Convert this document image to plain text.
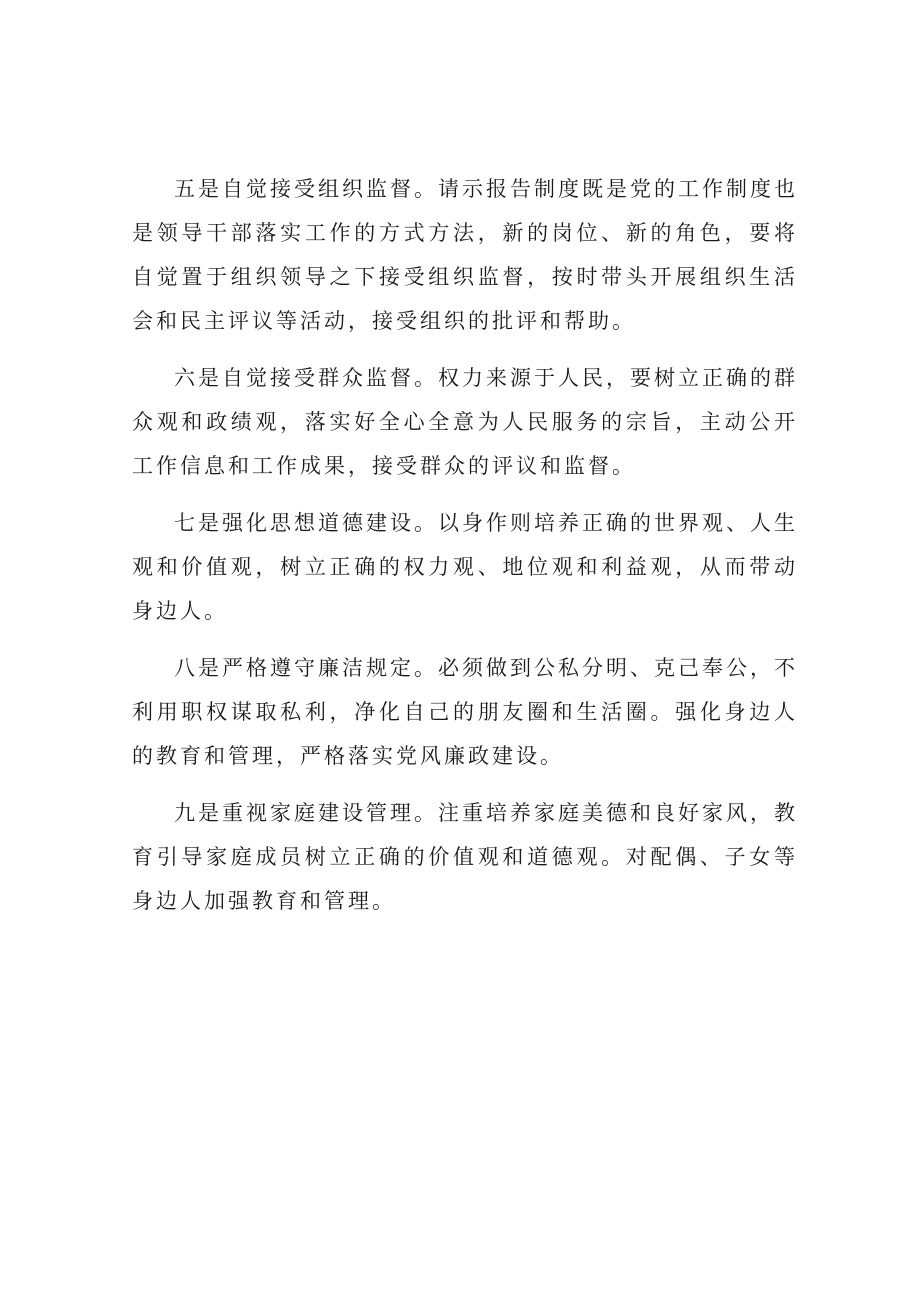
五是自觉接受组织监督。请示报告制度既是党的工作制度也是领导干部落实工作的方式方法，新的岗位、新的角色，要将自觉置于组织领导之下接受组织监督，按时带头开展组织生活会和民主评议等活动，接受组织的批评和帮助。

六是自觉接受群众监督。权力来源于人民，要树立正确的群众观和政绩观，落实好全心全意为人民服务的宗旨，主动公开工作信息和工作成果，接受群众的评议和监督。

七是强化思想道德建设。以身作则培养正确的世界观、人生观和价值观，树立正确的权力观、地位观和利益观，从而带动身边人。

八是严格遵守廉洁规定。必须做到公私分明、克己奉公，不利用职权谋取私利，净化自己的朋友圈和生活圈。强化身边人的教育和管理，严格落实党风廉政建设。

九是重视家庭建设管理。注重培养家庭美德和良好家风，教育引导家庭成员树立正确的价值观和道德观。对配偶、子女等身边人加强教育和管理。
